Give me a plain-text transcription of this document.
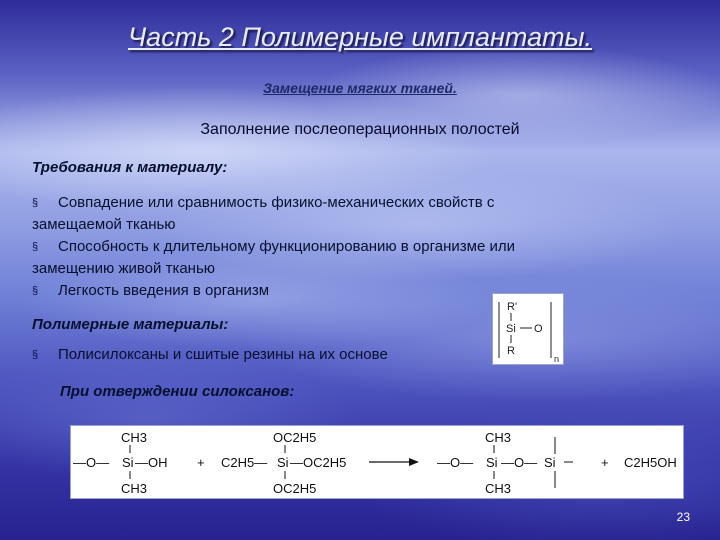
Часть 2 Полимерные имплантаты.
Замещение мягких тканей.
Заполнение послеоперационных полостей
Требования к материалу:
§ Совпадение или сравнимость физико-механических свойств с
замещаемой тканью
§ Способность к длительному функционированию в организме или
замещению живой тканью
§ Легкость введения в организм
Полимерные материалы:
§ Полисилоксаны и сшитые резины на их основе
При отверждении силоксанов:
R'
Si O
R
n
CH3
—O— Si —OH
CH3
+
OC2H5
C2H5— Si —OC2H5
OC2H5
CH3
—O— Si —O—
CH3
Si	+ C2H5OH
23
